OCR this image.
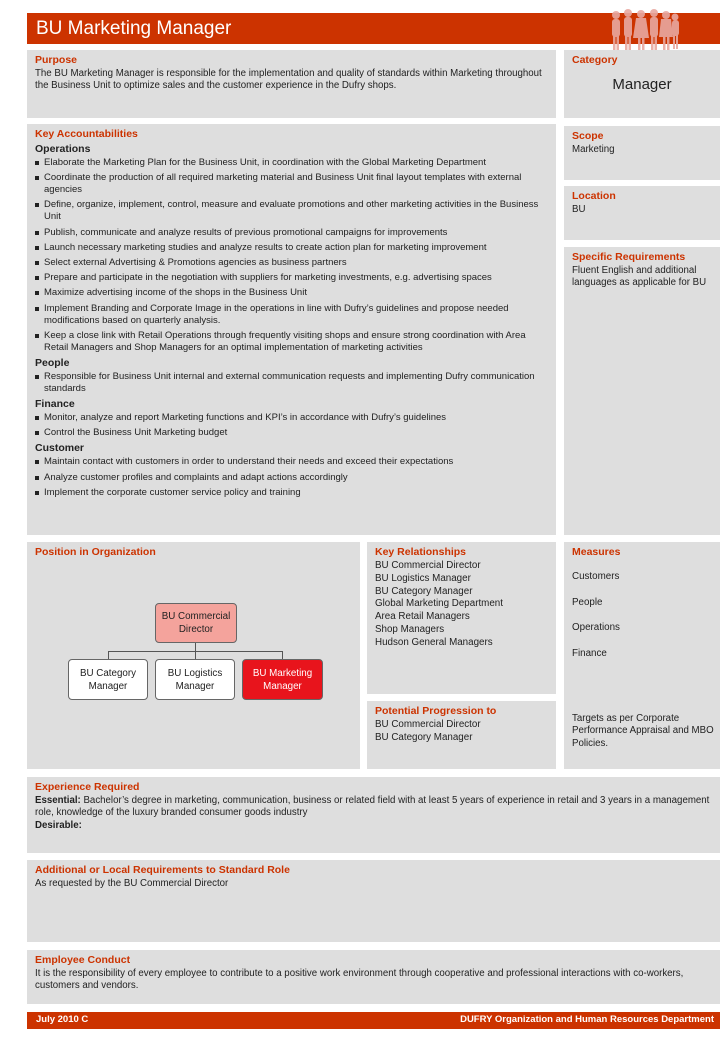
BU Marketing Manager
Purpose
The BU Marketing Manager is responsible for the implementation and quality of standards within Marketing throughout the Business Unit to optimize sales and the customer experience in the Dufry shops.
Category
Manager
Key Accountabilities
Operations
Elaborate the Marketing Plan for the Business Unit, in coordination with the Global Marketing Department
Coordinate the production of all required marketing material and Business Unit final layout templates with external agencies
Define, organize, implement, control, measure and evaluate promotions and other marketing activities in the Business Unit
Publish, communicate and analyze results of previous promotional campaigns for improvements
Launch necessary marketing studies and analyze results to create action plan for marketing improvement
Select external Advertising & Promotions agencies as business partners
Prepare and participate in the negotiation with suppliers for marketing investments, e.g. advertising spaces
Maximize advertising income of the shops in the Business Unit
Implement Branding and Corporate Image in the operations in line with Dufry’s guidelines and propose needed modifications based on quarterly analysis.
Keep a close link with Retail Operations through frequently visiting shops and ensure strong coordination with Area Retail Managers and Shop Managers for an optimal implementation of marketing activities
People
Responsible for Business Unit internal and external communication requests and implementing Dufry communication standards
Finance
Monitor, analyze and report Marketing functions and KPI’s in accordance with Dufry’s guidelines
Control the Business Unit Marketing budget
Customer
Maintain contact with customers in order to understand their needs and exceed their expectations
Analyze customer profiles and complaints and adapt actions accordingly
Implement the corporate customer service policy and training
Scope
Marketing
Location
BU
Specific Requirements
Fluent English and additional languages as applicable for BU
Position in Organization
BU Commercial Director
BU Category Manager
BU Logistics Manager
BU Marketing Manager
Key Relationships
BU Commercial Director
BU Logistics Manager
BU Category Manager
Global Marketing Department
Area Retail Managers
Shop Managers
Hudson General Managers
Potential Progression to
BU Commercial Director
BU Category Manager
Measures
Customers
People
Operations
Finance
Targets as per Corporate Performance Appraisal and MBO Policies.
Experience Required
Essential: Bachelor’s degree in marketing, communication, business or related field with at least 5 years of experience in retail and 3 years in a management role, knowledge of the luxury branded consumer goods industry
Desirable:
Additional or Local Requirements to Standard Role
As requested by the BU Commercial Director
Employee Conduct
It is the responsibility of every employee to contribute to a positive work environment through cooperative and professional interactions with co-workers, customers and vendors.
July 2010 C	DUFRY Organization and Human Resources Department
